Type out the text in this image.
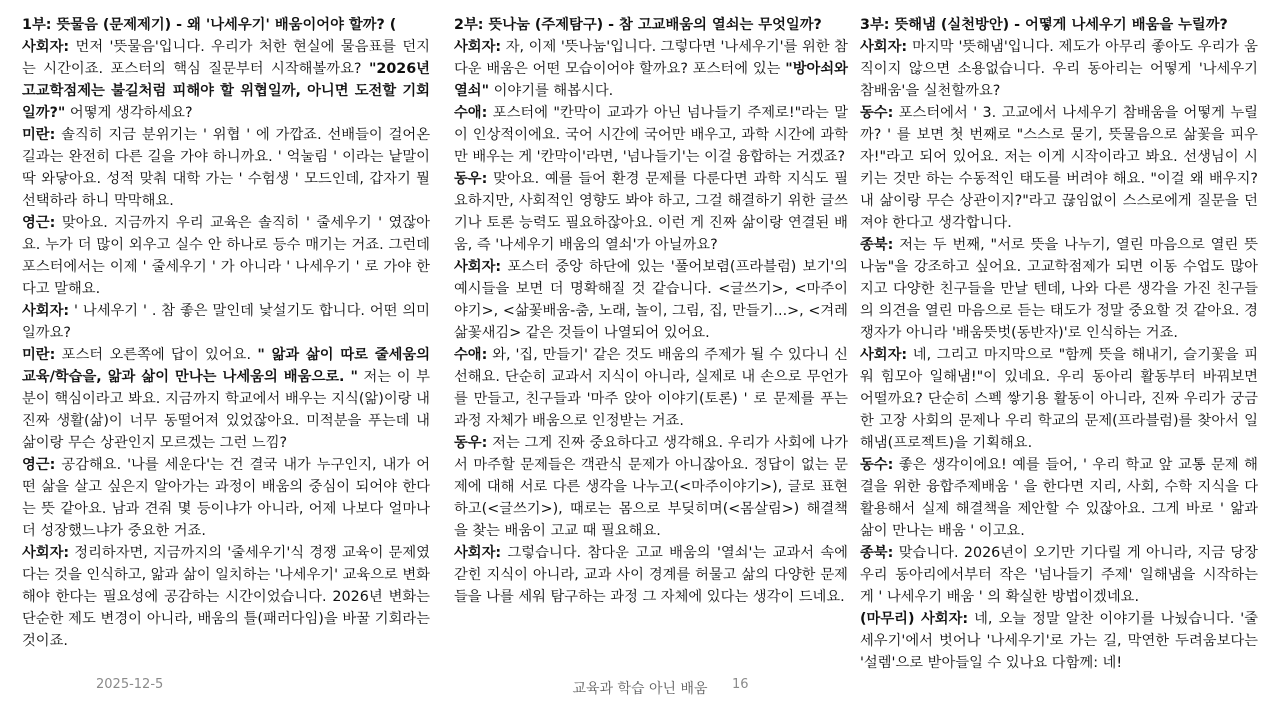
1부: 뜻물음 (문제제기) - 왜 '나세우기' 배움이어야 할까? (
사회자: 먼저 '뜻물음'입니다. 우리가 처한 현실에 물음표를 던지는 시간이죠. 포스터의 핵심 질문부터 시작해볼까요? "2026년 고교학점제는 불길처럼 피해야 할 위협일까, 아니면 도전할 기회일까?" 어떻게 생각하세요?
미란: 솔직히 지금 분위기는 ' 위협 ' 에 가깝죠. 선배들이 걸어온 길과는 완전히 다른 길을 가야 하니까요. ' 억눌림 ' 이라는 낱말이 딱 와닿아요. 성적 맞춰 대학 가는 ' 수험생 ' 모드인데, 갑자기 뭘 선택하라 하니 막막해요.
영근: 맞아요. 지금까지 우리 교육은 솔직히 ' 줄세우기 ' 였잖아요. 누가 더 많이 외우고 실수 안 하나로 등수 매기는 거죠. 그런데 포스터에서는 이제 ' 줄세우기 ' 가 아니라 ' 나세우기 ' 로 가야 한다고 말해요.
사회자: ' 나세우기 ' . 참 좋은 말인데 낯설기도 합니다. 어떤 의미일까요?
미란: 포스터 오른쪽에 답이 있어요. " 앎과 삶이 따로 줄세움의 교육/학습을, 앎과 삶이 만나는 나세움의 배움으로. " 저는 이 부분이 핵심이라고 봐요. 지금까지 학교에서 배우는 지식(앎)이랑 내 진짜 생활(삶)이 너무 동떨어져 있었잖아요. 미적분을 푸는데 내 삶이랑 무슨 상관인지 모르겠는 그런 느낌?
영근: 공감해요. '나를 세운다'는 건 결국 내가 누구인지, 내가 어떤 삶을 살고 싶은지 알아가는 과정이 배움의 중심이 되어야 한다는 뜻 같아요. 남과 견줘 몇 등이냐가 아니라, 어제 나보다 얼마나 더 성장했느냐가 중요한 거죠.
사회자: 정리하자면, 지금까지의 '줄세우기'식 경쟁 교육이 문제였다는 것을 인식하고, 앎과 삶이 일치하는 '나세우기' 교육으로 변화해야 한다는 필요성에 공감하는 시간이었습니다. 2026년 변화는 단순한 제도 변경이 아니라, 배움의 틀(패러다임)을 바꿀 기회라는 것이죠.
2부: 뜻나눔 (주제탐구) - 참 고교배움의 열쇠는 무엇일까?
사회자: 자, 이제 '뜻나눔'입니다. 그렇다면 '나세우기'를 위한 참다운 배움은 어떤 모습이어야 할까요? 포스터에 있는 "방아쇠와 열쇠" 이야기를 해봅시다.
수애: 포스터에 "칸막이 교과가 아닌 넘나들기 주제로!"라는 말이 인상적이에요. 국어 시간에 국어만 배우고, 과학 시간에 과학만 배우는 게 '칸막이'라면, '넘나들기'는 이걸 융합하는 거겠죠?
동우: 맞아요. 예를 들어 환경 문제를 다룬다면 과학 지식도 필요하지만, 사회적인 영향도 봐야 하고, 그걸 해결하기 위한 글쓰기나 토론 능력도 필요하잖아요. 이런 게 진짜 삶이랑 연결된 배움, 즉 '나세우기 배움의 열쇠'가 아닐까요?
사회자: 포스터 중앙 하단에 있는 '풀어보렴(프라블럼) 보기'의 예시들을 보면 더 명확해질 것 같습니다. <글쓰기>, <마주이야기>, <삶꽃배움-춤, 노래, 놀이, 그림, 집, 만들기...>, <겨레삶꽃새김> 같은 것들이 나열되어 있어요.
수애: 와, '집, 만들기' 같은 것도 배움의 주제가 될 수 있다니 신선해요. 단순히 교과서 지식이 아니라, 실제로 내 손으로 무언가를 만들고, 친구들과 '마주 앉아 이야기(토론) ' 로 문제를 푸는 과정 자체가 배움으로 인정받는 거죠.
동우: 저는 그게 진짜 중요하다고 생각해요. 우리가 사회에 나가서 마주할 문제들은 객관식 문제가 아니잖아요. 정답이 없는 문제에 대해 서로 다른 생각을 나누고(<마주이야기>), 글로 표현하고(<글쓰기>), 때로는 몸으로 부딪히며(<몸살림>) 해결책을 찾는 배움이 고교 때 필요해요.
사회자: 그렇습니다. 참다운 고교 배움의 '열쇠'는 교과서 속에 갇힌 지식이 아니라, 교과 사이 경계를 허물고 삶의 다양한 문제들을 나를 세워 탐구하는 과정 그 자체에 있다는 생각이 드네요.
3부: 뜻해냄 (실천방안) - 어떻게 나세우기 배움을 누릴까?
사회자: 마지막 '뜻해냄'입니다. 제도가 아무리 좋아도 우리가 움직이지 않으면 소용없습니다. 우리 동아리는 어떻게 '나세우기 참배움'을 실천할까요?
동수: 포스터에서 ' 3. 고교에서 나세우기 참배움을 어떻게 누릴까? ' 를 보면 첫 번째로 "스스로 묻기, 뜻물음으로 삶꽃을 피우자!"라고 되어 있어요. 저는 이게 시작이라고 봐요. 선생님이 시키는 것만 하는 수동적인 태도를 버려야 해요. "이걸 왜 배우지? 내 삶이랑 무슨 상관이지?"라고 끊임없이 스스로에게 질문을 던져야 한다고 생각합니다.
종북: 저는 두 번째, "서로 뜻을 나누기, 열린 마음으로 열린 뜻나눔"을 강조하고 싶어요. 고교학점제가 되면 이동 수업도 많아지고 다양한 친구들을 만날 텐데, 나와 다른 생각을 가진 친구들의 의견을 열린 마음으로 듣는 태도가 정말 중요할 것 같아요. 경쟁자가 아니라 '배움뜻벗(동반자)'로 인식하는 거죠.
사회자: 네, 그리고 마지막으로 "함께 뜻을 해내기, 슬기꽃을 피워 힘모아 일해냄!"이 있네요. 우리 동아리 활동부터 바꿔보면 어떨까요? 단순히 스펙 쌓기용 활동이 아니라, 진짜 우리가 궁금한 고장 사회의 문제나 우리 학교의 문제(프라블럼)를 찾아서 일해냄(프로젝트)을 기획해요.
동수: 좋은 생각이에요! 예를 들어, ' 우리 학교 앞 교통 문제 해결을 위한 융합주제배움 ' 을 한다면 지리, 사회, 수학 지식을 다 활용해서 실제 해결책을 제안할 수 있잖아요. 그게 바로 ' 앎과 삶이 만나는 배움 ' 이고요.
종북: 맞습니다. 2026년이 오기만 기다릴 게 아니라, 지금 당장 우리 동아리에서부터 작은 '넘나들기 주제' 일해냄을 시작하는 게 ' 나세우기 배움 ' 의 확실한 방법이겠네요.
(마무리) 사회자: 네, 오늘 정말 알찬 이야기를 나눴습니다. '줄세우기'에서 벗어나 '나세우기'로 가는 길, 막연한 두려움보다는 '설렘'으로 받아들일 수 있나요 다함께: 네!
2025-12-5	교육과 학습 아닌 배움	16
